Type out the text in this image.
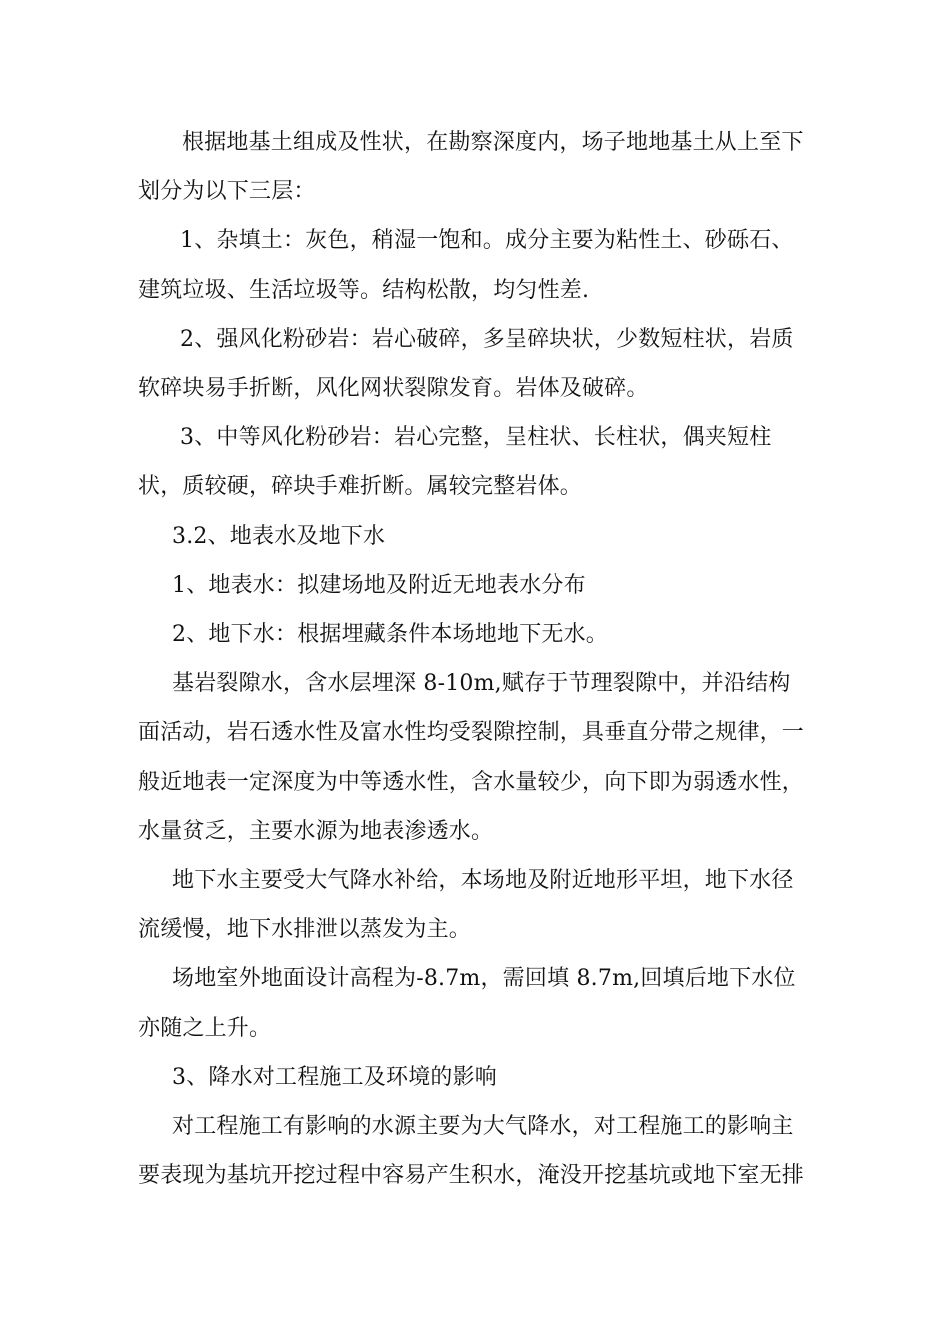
根据地基土组成及性状，在勘察深度内，场子地地基土从上至下划分为以下三层：

1、杂填土：灰色，稍湿一饱和。成分主要为粘性土、砂砾石、建筑垃圾、生活垃圾等。结构松散，均匀性差.

2、强风化粉砂岩：岩心破碎，多呈碎块状，少数短柱状，岩质软碎块易手折断，风化网状裂隙发育。岩体及破碎。

3、中等风化粉砂岩：岩心完整，呈柱状、长柱状，偶夹短柱状，质较硬，碎块手难折断。属较完整岩体。

3.2、地表水及地下水

1、地表水：拟建场地及附近无地表水分布

2、地下水：根据埋藏条件本场地地下无水。

基岩裂隙水，含水层埋深 8-10m,赋存于节理裂隙中，并沿结构面活动，岩石透水性及富水性均受裂隙控制，具垂直分带之规律，一般近地表一定深度为中等透水性，含水量较少，向下即为弱透水性，水量贫乏，主要水源为地表渗透水。

地下水主要受大气降水补给，本场地及附近地形平坦，地下水径流缓慢，地下水排泄以蒸发为主。

场地室外地面设计高程为-8.7m，需回填 8.7m,回填后地下水位亦随之上升。

3、降水对工程施工及环境的影响

对工程施工有影响的水源主要为大气降水，对工程施工的影响主要表现为基坑开挖过程中容易产生积水，淹没开挖基坑或地下室无排
